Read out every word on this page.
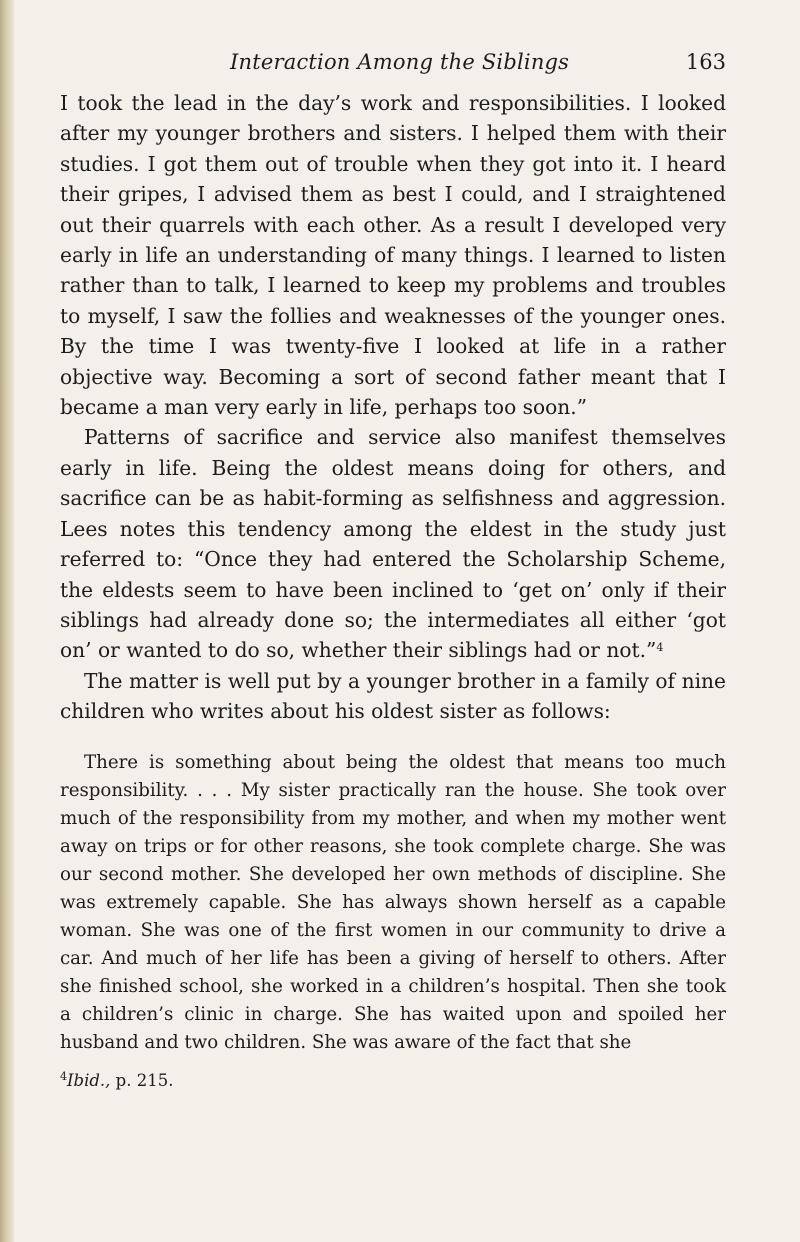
Interaction Among the Siblings	163

I took the lead in the day’s work and responsibilities. I looked after my younger brothers and sisters. I helped them with their studies. I got them out of trouble when they got into it. I heard their gripes, I advised them as best I could, and I straightened out their quarrels with each other. As a result I developed very early in life an understanding of many things. I learned to listen rather than to talk, I learned to keep my problems and troubles to myself, I saw the follies and weaknesses of the younger ones. By the time I was twenty-five I looked at life in a rather objective way. Becoming a sort of second father meant that I became a man very early in life, perhaps too soon.”

Patterns of sacrifice and service also manifest themselves early in life. Being the oldest means doing for others, and sacrifice can be as habit-forming as selfishness and aggression. Lees notes this tendency among the eldest in the study just referred to: “Once they had entered the Scholarship Scheme, the eldests seem to have been inclined to ‘get on’ only if their siblings had already done so; the intermediates all either ‘got on’ or wanted to do so, whether their siblings had or not.”$^4$

The matter is well put by a younger brother in a family of nine children who writes about his oldest sister as follows:

There is something about being the oldest that means too much responsibility. . . . My sister practically ran the house. She took over much of the responsibility from my mother, and when my mother went away on trips or for other reasons, she took complete charge. She was our second mother. She developed her own methods of discipline. She was extremely capable. She has always shown herself as a capable woman. She was one of the first women in our community to drive a car. And much of her life has been a giving of herself to others. After she finished school, she worked in a children’s hospital. Then she took a children’s clinic in charge. She has waited upon and spoiled her husband and two children. She was aware of the fact that she

$^4$Ibid., p. 215.
